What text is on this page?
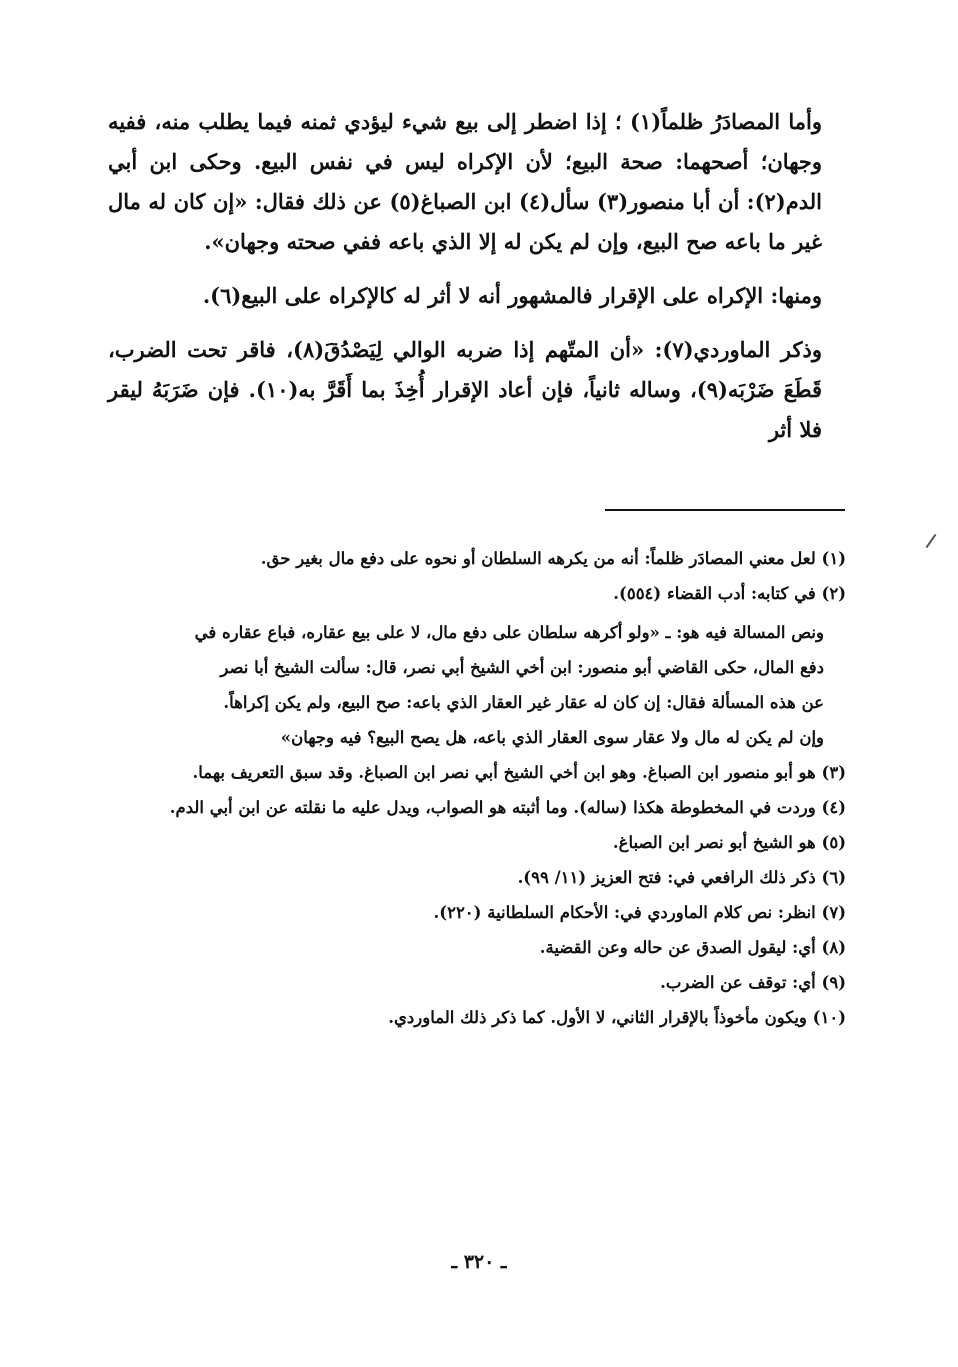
وأما المصادَرُ ظلماً(١) ؛ إذا اضطر إلى بيع شيء ليؤدي ثمنه فيما يطلب منه، ففيه وجهان؛ أصحهما: صحة البيع؛ لأن الإكراه ليس في نفس البيع. وحكى ابن أبي الدم(٢): أن أبا منصور(٣) سأل(٤) ابن الصباغ(٥) عن ذلك فقال: «إن كان له مال غير ما باعه صح البيع، وإن لم يكن له إلا الذي باعه ففي صحته وجهان».

ومنها: الإكراه على الإقرار فالمشهور أنه لا أثر له كالإكراه على البيع(٦).

وذكر الماوردي(٧): «أن المتّهم إذا ضربه الوالي لِيَصْدُقَ(٨)، فاقر تحت الضرب، قَطَعَ ضَرْبَه(٩)، وساله ثانياً، فإن أعاد الإقرار أُخِذَ بما أَقَرَّ به(١٠). فإن ضَرَبَهُ ليقر فلا أثر

(١) لعل معني المصادَر ظلماً: أنه من يكرهه السلطان أو نحوه على دفع مال بغير حق.

(٢) في كتابه: أدب القضاء (٥٥٤).

ونص المسالة فيه هو: ـ «ولو أكرهه سلطان على دفع مال، لا على بيع عقاره، فباع عقاره في

دفع المال، حكى القاضي أبو منصور: ابن أخي الشيخ أبي نصر، قال: سألت الشيخ أبا نصر

عن هذه المسألة فقال: إن كان له عقار غير العقار الذي باعه: صح البيع، ولم يكن إكراهاً.

وإن لم يكن له مال ولا عقار سوى العقار الذي باعه، هل يصح البيع؟ فيه وجهان»

(٣) هو أبو منصور ابن الصباغ. وهو ابن أخي الشيخ أبي نصر ابن الصباغ. وقد سبق التعريف بهما.

(٤) وردت في المخطوطة هكذا (ساله). وما أثبته هو الصواب، ويدل عليه ما نقلته عن ابن أبي الدم.

(٥) هو الشيخ أبو نصر ابن الصباغ.

(٦) ذكر ذلك الرافعي في: فتح العزيز (١١/ ٩٩).

(٧) انظر: نص كلام الماوردي في: الأحكام السلطانية (٢٢٠).

(٨) أي: ليقول الصدق عن حاله وعن القضية.

(٩) أي: توقف عن الضرب.

(١٠) ويكون مأخوذاً بالإقرار الثاني، لا الأول. كما ذكر ذلك الماوردي.

ـ ٣٢٠ ـ
